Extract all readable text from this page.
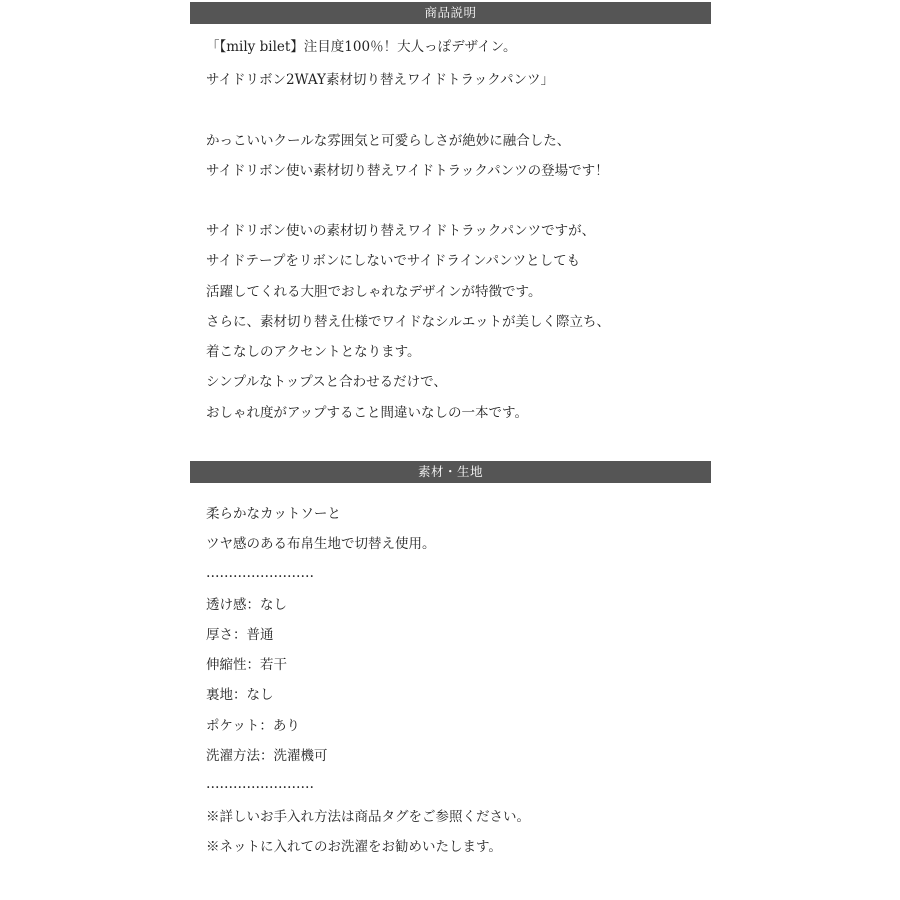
商品説明
「【mily bilet】注目度100％！大人っぽデザイン。
サイドリボン2WAY素材切り替えワイドトラックパンツ」
かっこいいクールな雰囲気と可愛らしさが絶妙に融合した、
サイドリボン使い素材切り替えワイドトラックパンツの登場です！
サイドリボン使いの素材切り替えワイドトラックパンツですが、
サイドテープをリボンにしないでサイドラインパンツとしても
活躍してくれる大胆でおしゃれなデザインが特徴です。
さらに、素材切り替え仕様でワイドなシルエットが美しく際立ち、
着こなしのアクセントとなります。
シンプルなトップスと合わせるだけで、
おしゃれ度がアップすること間違いなしの一本です。
素材・生地
柔らかなカットソーと
ツヤ感のある布帛生地で切替え使用。
……………………
透け感：なし
厚さ：普通
伸縮性：若干
裏地：なし
ポケット：あり
洗濯方法：洗濯機可
……………………
※詳しいお手入れ方法は商品タグをご参照ください。
※ネットに入れてのお洗濯をお勧めいたします。
